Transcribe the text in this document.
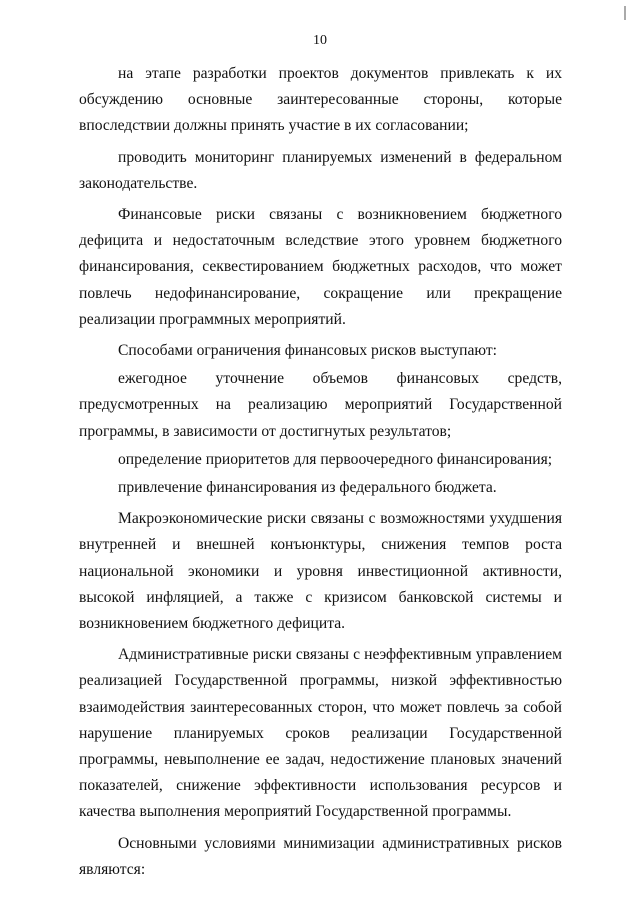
10

на этапе разработки проектов документов привлекать к их обсуждению основные заинтересованные стороны, которые впоследствии должны принять участие в их согласовании;

проводить мониторинг планируемых изменений в федеральном законодательстве.

Финансовые риски связаны с возникновением бюджетного дефицита и недостаточным вследствие этого уровнем бюджетного финансирования, секвестированием бюджетных расходов, что может повлечь недофинансирование, сокращение или прекращение реализации программных мероприятий.

Способами ограничения финансовых рисков выступают:

ежегодное уточнение объемов финансовых средств, предусмотренных на реализацию мероприятий Государственной программы, в зависимости от достигнутых результатов;

определение приоритетов для первоочередного финансирования;

привлечение финансирования из федерального бюджета.

Макроэкономические риски связаны с возможностями ухудшения внутренней и внешней конъюнктуры, снижения темпов роста национальной экономики и уровня инвестиционной активности, высокой инфляцией, а также с кризисом банковской системы и возникновением бюджетного дефицита.

Административные риски связаны с неэффективным управлением реализацией Государственной программы, низкой эффективностью взаимодействия заинтересованных сторон, что может повлечь за собой нарушение планируемых сроков реализации Государственной программы, невыполнение ее задач, недостижение плановых значений показателей, снижение эффективности использования ресурсов и качества выполнения мероприятий Государственной программы.

Основными условиями минимизации административных рисков являются:
